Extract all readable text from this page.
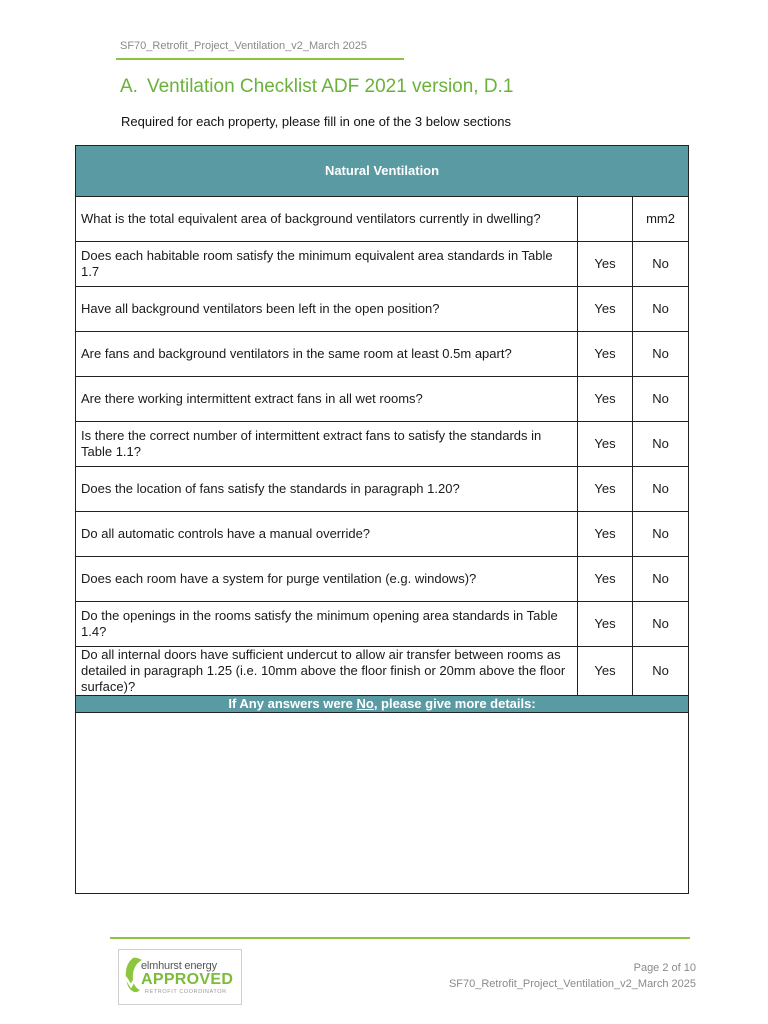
SF70_Retrofit_Project_Ventilation_v2_March 2025
A. Ventilation Checklist ADF 2021 version, D.1
Required for each property, please fill in one of the 3 below sections
Natural Ventilation		
What is the total equivalent area of background ventilators currently in dwelling?		mm2
Does each habitable room satisfy the minimum equivalent area standards in Table 1.7	Yes	No
Have all background ventilators been left in the open position?	Yes	No
Are fans and background ventilators in the same room at least 0.5m apart?	Yes	No
Are there working intermittent extract fans in all wet rooms?	Yes	No
Is there the correct number of intermittent extract fans to satisfy the standards in Table 1.1?	Yes	No
Does the location of fans satisfy the standards in paragraph 1.20?	Yes	No
Do all automatic controls have a manual override?	Yes	No
Does each room have a system for purge ventilation (e.g. windows)?	Yes	No
Do the openings in the rooms satisfy the minimum opening area standards in Table 1.4?	Yes	No
Do all internal doors have sufficient undercut to allow air transfer between rooms as detailed in paragraph 1.25 (i.e. 10mm above the floor finish or 20mm above the floor surface)?	Yes	No
If Any answers were No, please give more details:		

elmhurst energy
APPROVED
RETROFIT COORDINATOR
Page 2 of 10
SF70_Retrofit_Project_Ventilation_v2_March 2025
